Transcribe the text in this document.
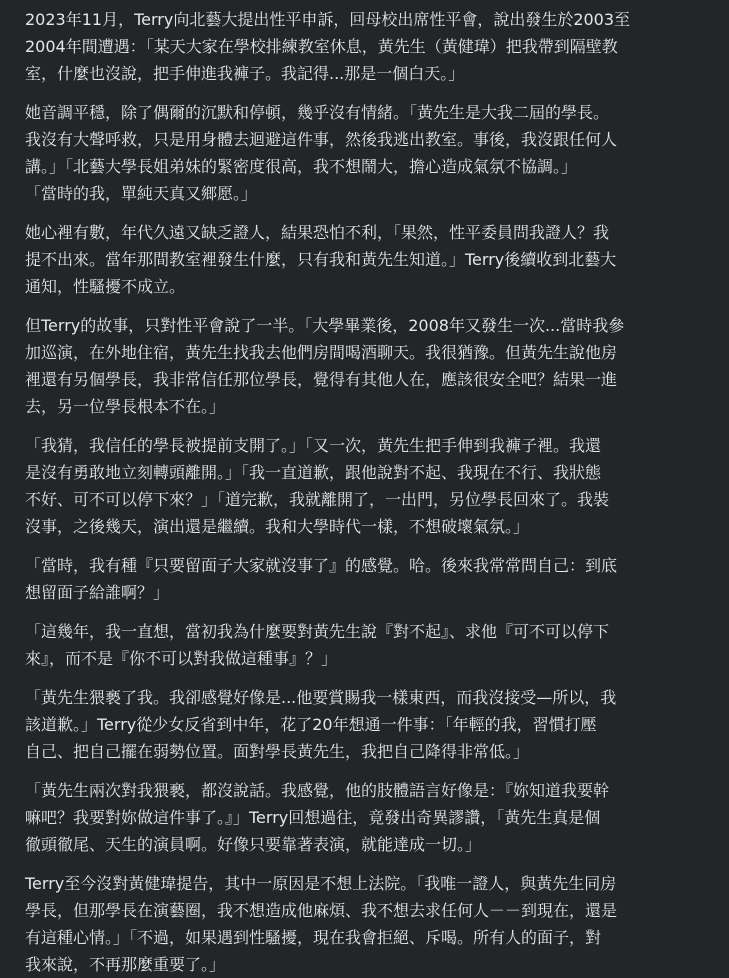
2023年11月，Terry向北藝大提出性平申訴，回母校出席性平會，說出發生於2003至
2004年間遭遇：「某天大家在學校排練教室休息，黃先生（黃健瑋）把我帶到隔壁教
室，什麼也沒說，把手伸進我褲子。我記得...那是一個白天。」

她音調平穩，除了偶爾的沉默和停頓，幾乎沒有情緒。「黃先生是大我二屆的學長。
我沒有大聲呼救，只是用身體去迴避這件事，然後我逃出教室。事後，我沒跟任何人
講。」「北藝大學長姐弟妹的緊密度很高，我不想鬧大，擔心造成氣氛不協調。」
「當時的我，單純天真又鄉愿。」

她心裡有數，年代久遠又缺乏證人，結果恐怕不利，「果然，性平委員問我證人？我
提不出來。當年那間教室裡發生什麼，只有我和黃先生知道。」Terry後續收到北藝大
通知，性騷擾不成立。

但Terry的故事，只對性平會說了一半。「大學畢業後，2008年又發生一次...當時我參
加巡演，在外地住宿，黃先生找我去他們房間喝酒聊天。我很猶豫。但黃先生說他房
裡還有另個學長，我非常信任那位學長，覺得有其他人在，應該很安全吧？結果一進
去，另一位學長根本不在。」

「我猜，我信任的學長被提前支開了。」「又一次，黃先生把手伸到我褲子裡。我還
是沒有勇敢地立刻轉頭離開。」「我一直道歉，跟他說對不起、我現在不行、我狀態
不好、可不可以停下來？」「道完歉，我就離開了，一出門，另位學長回來了。我裝
沒事，之後幾天，演出還是繼續。我和大學時代一樣，不想破壞氣氛。」

「當時，我有種『只要留面子大家就沒事了』的感覺。哈。後來我常常問自己：到底
想留面子給誰啊？」

「這幾年，我一直想，當初我為什麼要對黃先生說『對不起』、求他『可不可以停下
來』，而不是『你不可以對我做這種事』？」

「黃先生猥褻了我。我卻感覺好像是...他要賞賜我一樣東西，而我沒接受—所以，我
該道歉。」Terry從少女反省到中年，花了20年想通一件事：「年輕的我，習慣打壓
自己、把自己擺在弱勢位置。面對學長黃先生，我把自己降得非常低。」

「黃先生兩次對我猥褻，都沒說話。我感覺，他的肢體語言好像是：『妳知道我要幹
嘛吧？我要對妳做這件事了。』」Terry回想過往，竟發出奇異謬讚，「黃先生真是個
徹頭徹尾、天生的演員啊。好像只要靠著表演，就能達成一切。」

Terry至今沒對黃健瑋提告，其中一原因是不想上法院。「我唯一證人，與黃先生同房
學長，但那學長在演藝圈，我不想造成他麻煩、我不想去求任何人－－到現在，還是
有這種心情。」「不過，如果遇到性騷擾，現在我會拒絕、斥喝。所有人的面子，對
我來說，不再那麼重要了。」
